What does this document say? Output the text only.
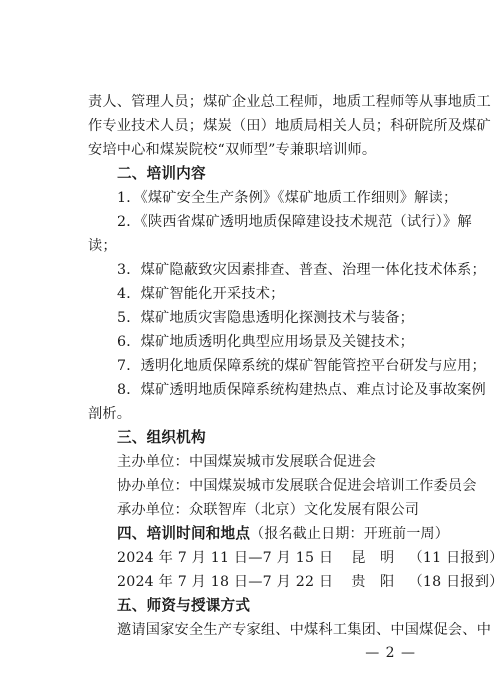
责人、管理人员；煤矿企业总工程师，地质工程师等从事地质工
作专业技术人员；煤炭（田）地质局相关人员；科研院所及煤矿
安培中心和煤炭院校“双师型”专兼职培训师。
二、培训内容
1．《煤矿安全生产条例》《煤矿地质工作细则》解读；
2．《陕西省煤矿透明地质保障建设技术规范（试行）》解
读；
3．煤矿隐蔽致灾因素排查、普查、治理一体化技术体系；
4．煤矿智能化开采技术；
5．煤矿地质灾害隐患透明化探测技术与装备；
6．煤矿地质透明化典型应用场景及关键技术；
7．透明化地质保障系统的煤矿智能管控平台研发与应用；
8．煤矿透明地质保障系统构建热点、难点讨论及事故案例
剖析。
三、组织机构
主办单位：中国煤炭城市发展联合促进会
协办单位：中国煤炭城市发展联合促进会培训工作委员会
承办单位：众联智库（北京）文化发展有限公司
四、培训时间和地点（报名截止日期：开班前一周）
2024 年 7 月 11 日—7 月 15 日 昆　明 （11 日报到）
2024 年 7 月 18 日—7 月 22 日 贵　阳 （18 日报到）
五、师资与授课方式
邀请国家安全生产专家组、中煤科工集团、中国煤促会、中
— 2 —
